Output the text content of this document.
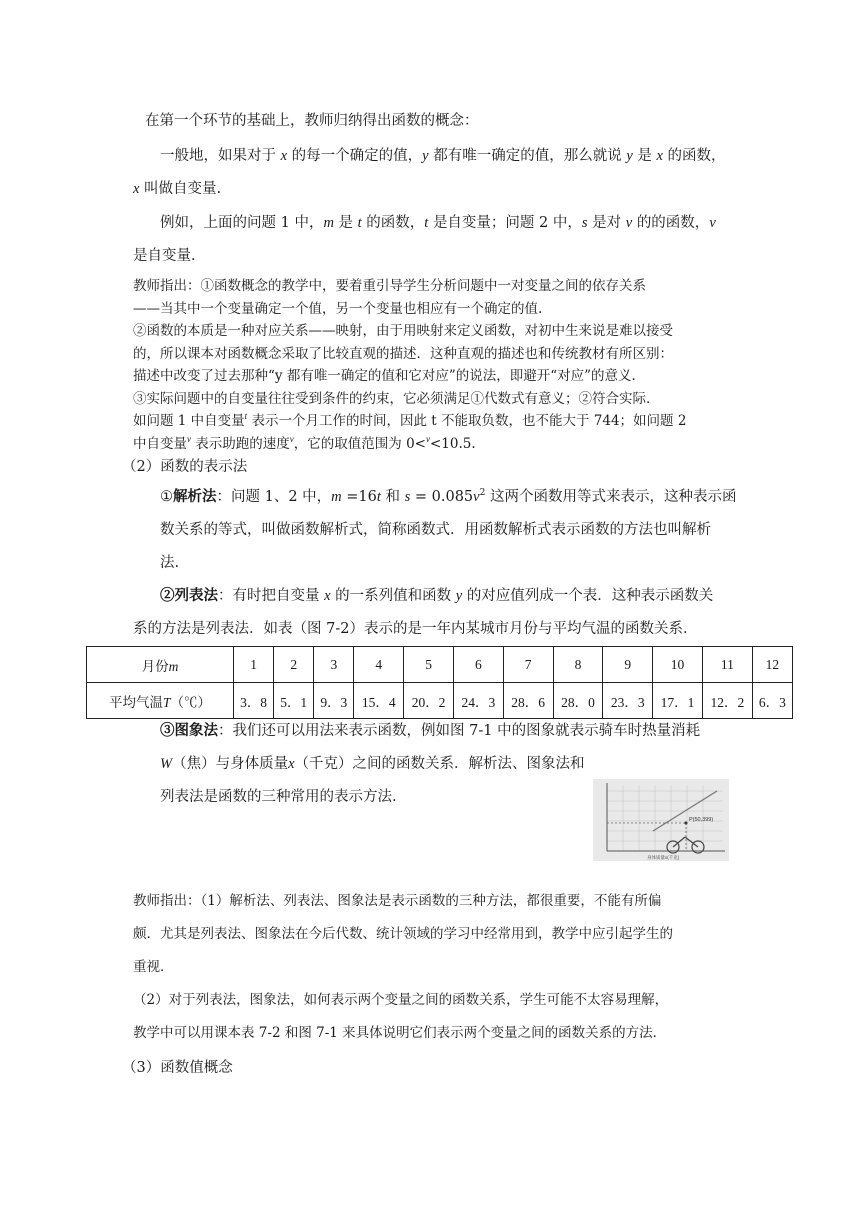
在第一个环节的基础上，教师归纳得出函数的概念：
一般地，如果对于 x 的每一个确定的值，y 都有唯一确定的值，那么就说 y 是 x 的函数，
x 叫做自变量.
例如，上面的问题 1 中，m 是 t 的函数，t 是自变量；问题 2 中，s 是对 v 的的函数，v
是自变量.
教师指出：①函数概念的教学中，要着重引导学生分析问题中一对变量之间的依存关系
——当其中一个变量确定一个值，另一个变量也相应有一个确定的值.
②函数的本质是一种对应关系——映射，由于用映射来定义函数，对初中生来说是难以接受
的，所以课本对函数概念采取了比较直观的描述．这种直观的描述也和传统教材有所区别：
描述中改变了过去那种“y 都有唯一确定的值和它对应”的说法，即避开“对应”的意义．
③实际问题中的自变量往往受到条件的约束，它必须满足①代数式有意义；②符合实际．
如问题 1 中自变量$^t$ 表示一个月工作的时间，因此 t 不能取负数，也不能大于 744；如问题 2
中自变量$^v$ 表示助跑的速度$^v$，它的取值范围为 0<$^v$<10.5.
（2）函数的表示法
①解析法：问题 1、2 中，m =16t 和 $s = 0.085v^2$ 这两个函数用等式来表示，这种表示函
数关系的等式，叫做函数解析式，简称函数式．用函数解析式表示函数的方法也叫解析
法.
②列表法：有时把自变量 x 的一系列值和函数 y 的对应值列成一个表．这种表示函数关
系的方法是列表法．如表（图 7-2）表示的是一年内某城市月份与平均气温的函数关系．
月份m	1	2	3	4	5	6	7	8	9	10	11	12
平均气温T（℃）	3．8	5．1	9．3	15．4	20．2	24．3	28．6	28．0	23．3	17．1	12．2	6．3
③图象法：我们还可以用法来表示函数，例如图 7-1 中的图象就表示骑车时热量消耗
W（焦）与身体质量x（千克）之间的函数关系．解析法、图象法和
列表法是函数的三种常用的表示方法.
P(50,399)
身体质量x(千克)
教师指出：（1）解析法、列表法、图象法是表示函数的三种方法，都很重要，不能有所偏
颇．尤其是列表法、图象法在今后代数、统计领域的学习中经常用到，教学中应引起学生的
重视．
（2）对于列表法，图象法，如何表示两个变量之间的函数关系，学生可能不太容易理解，
教学中可以用课本表 7-2 和图 7-1 来具体说明它们表示两个变量之间的函数关系的方法．
（3）函数值概念
